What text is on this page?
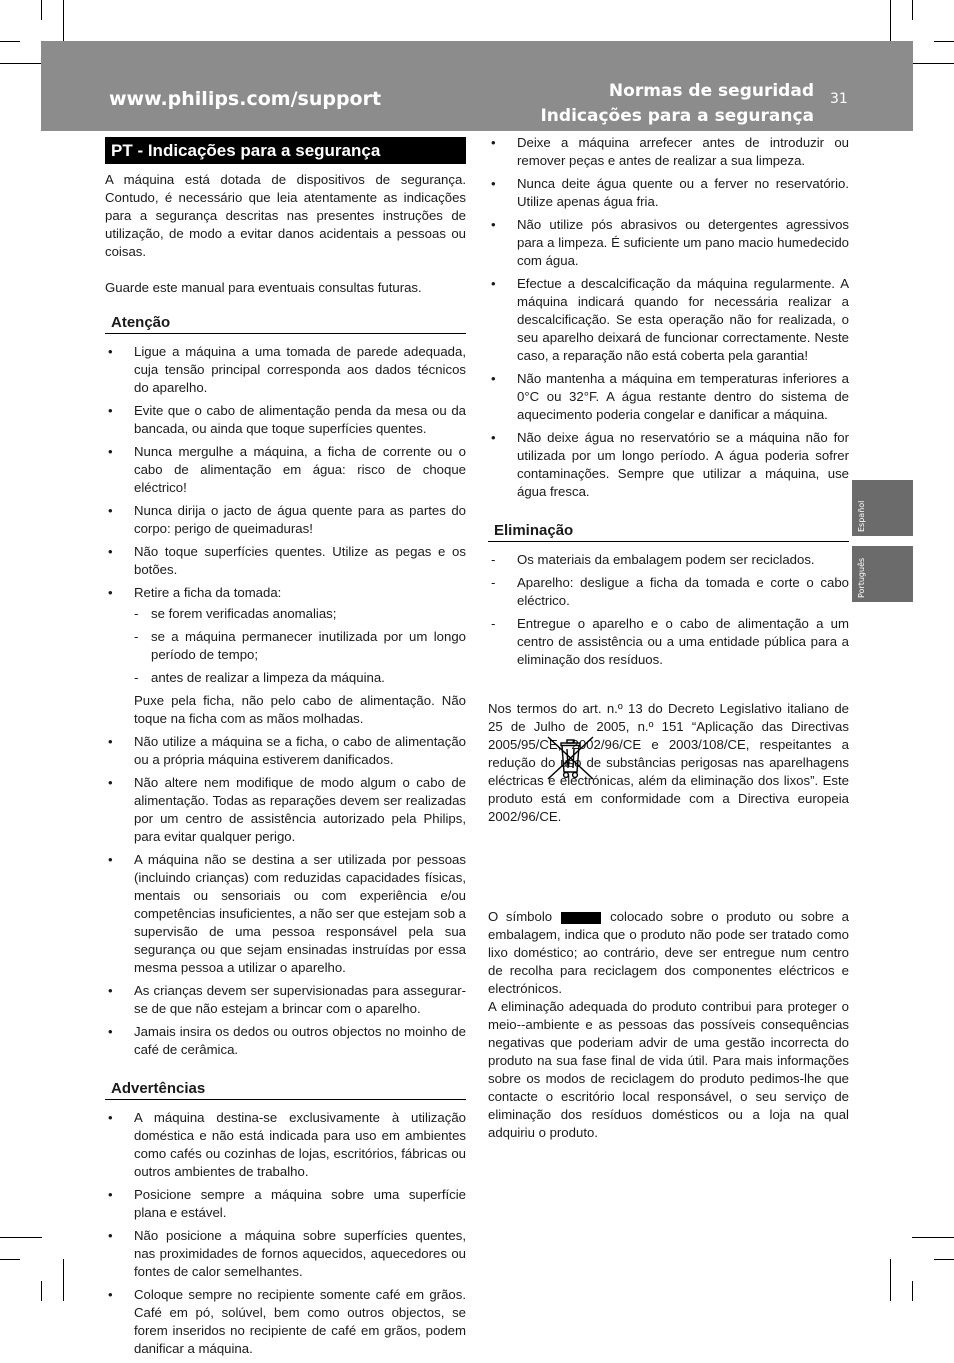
www.philips.com/support	Normas de seguridad
Indicações para a segurança
31
Español
Português
PT - Indicações para a segurança

A máquina está dotada de dispositivos de segurança. Contudo, é necessário que leia atentamente as indicações para a segurança descritas nas presentes instruções de utilização, de modo a evitar danos acidentais a pessoas ou coisas.

Guarde este manual para eventuais consultas futuras.

Atenção
• Ligue a máquina a uma tomada de parede adequada, cuja tensão principal corresponda aos dados técnicos do aparelho.
• Evite que o cabo de alimentação penda da mesa ou da bancada, ou ainda que toque superfícies quentes.
• Nunca mergulhe a máquina, a ficha de corrente ou o cabo de alimentação em água: risco de choque eléctrico!
• Nunca dirija o jacto de água quente para as partes do corpo: perigo de queimaduras!
• Não toque superfícies quentes. Utilize as pegas e os botões.
• Retire a ficha da tomada:
- se forem verificadas anomalias;
- se a máquina permanecer inutilizada por um longo período de tempo;
- antes de realizar a limpeza da máquina.

Puxe pela ficha, não pelo cabo de alimentação. Não toque na ficha com as mãos molhadas.

• Não utilize a máquina se a ficha, o cabo de alimentação ou a própria máquina estiverem danificados.
• Não altere nem modifique de modo algum o cabo de alimentação. Todas as reparações devem ser realizadas por um centro de assistência autorizado pela Philips, para evitar qualquer perigo.
• A máquina não se destina a ser utilizada por pessoas (incluindo crianças) com reduzidas capacidades físicas, mentais ou sensoriais ou com experiência e/ou competências insuficientes, a não ser que estejam sob a supervisão de uma pessoa responsável pela sua segurança ou que sejam ensinadas instruídas por essa mesma pessoa a utilizar o aparelho.
• As crianças devem ser supervisionadas para assegurar-se de que não estejam a brincar com o aparelho.
• Jamais insira os dedos ou outros objectos no moinho de café de cerâmica.
Advertências
• A máquina destina-se exclusivamente à utilização doméstica e não está indicada para uso em ambientes como cafés ou cozinhas de lojas, escritórios, fábricas ou outros ambientes de trabalho.
• Posicione sempre a máquina sobre uma superfície plana e estável.
• Não posicione a máquina sobre superfícies quentes, nas proximidades de fornos aquecidos, aquecedores ou fontes de calor semelhantes.
• Coloque sempre no recipiente somente café em grãos. Café em pó, solúvel, bem como outros objectos, se forem inseridos no recipiente de café em grãos, podem danificar a máquina.
• Deixe a máquina arrefecer antes de introduzir ou remover peças e antes de realizar a sua limpeza.
• Nunca deite água quente ou a ferver no reservatório. Utilize apenas água fria.
• Não utilize pós abrasivos ou detergentes agressivos para a limpeza. É suficiente um pano macio humedecido com água.
• Efectue a descalcificação da máquina regularmente. A máquina indicará quando for necessária realizar a descalcificação. Se esta operação não for realizada, o seu aparelho deixará de funcionar correctamente. Neste caso, a reparação não está coberta pela garantia!
• Não mantenha a máquina em temperaturas inferiores a 0°C ou 32°F. A água restante dentro do sistema de aquecimento poderia congelar e danificar a máquina.
• Não deixe água no reservatório se a máquina não for utilizada por um longo período. A água poderia sofrer contaminações. Sempre que utilizar a máquina, use água fresca.
Eliminação
- Os materiais da embalagem podem ser reciclados.
- Aparelho: desligue a ficha da tomada e corte o cabo eléctrico.
- Entregue o aparelho e o cabo de alimentação a um centro de assistência ou a uma entidade pública para a eliminação dos resíduos.

Nos termos do art. n.º 13 do Decreto Legislativo italiano de 25 de Julho de 2005, n.º 151 “Aplicação das Directivas 2005/95/CE, 2002/96/CE e 2003/108/CE, respeitantes a redução do uso de substâncias perigosas nas aparelhagens eléctricas e electrónicas, além da eliminação dos lixos”. Este produto está em conformidade com a Directiva europeia 2002/96/CE.

O símbolo	colocado sobre o produto ou sobre a embalagem, indica que o produto não pode ser tratado como lixo doméstico; ao contrário, deve ser entregue num centro de recolha para reciclagem dos componentes eléctricos e electrónicos.

A eliminação adequada do produto contribui para proteger o meio--ambiente e as pessoas das possíveis consequências negativas que poderiam advir de uma gestão incorrecta do produto na sua fase final de vida útil. Para mais informações sobre os modos de reciclagem do produto pedimos-lhe que contacte o escritório local responsável, o seu serviço de eliminação dos resíduos domésticos ou a loja na qual adquiriu o produto.
